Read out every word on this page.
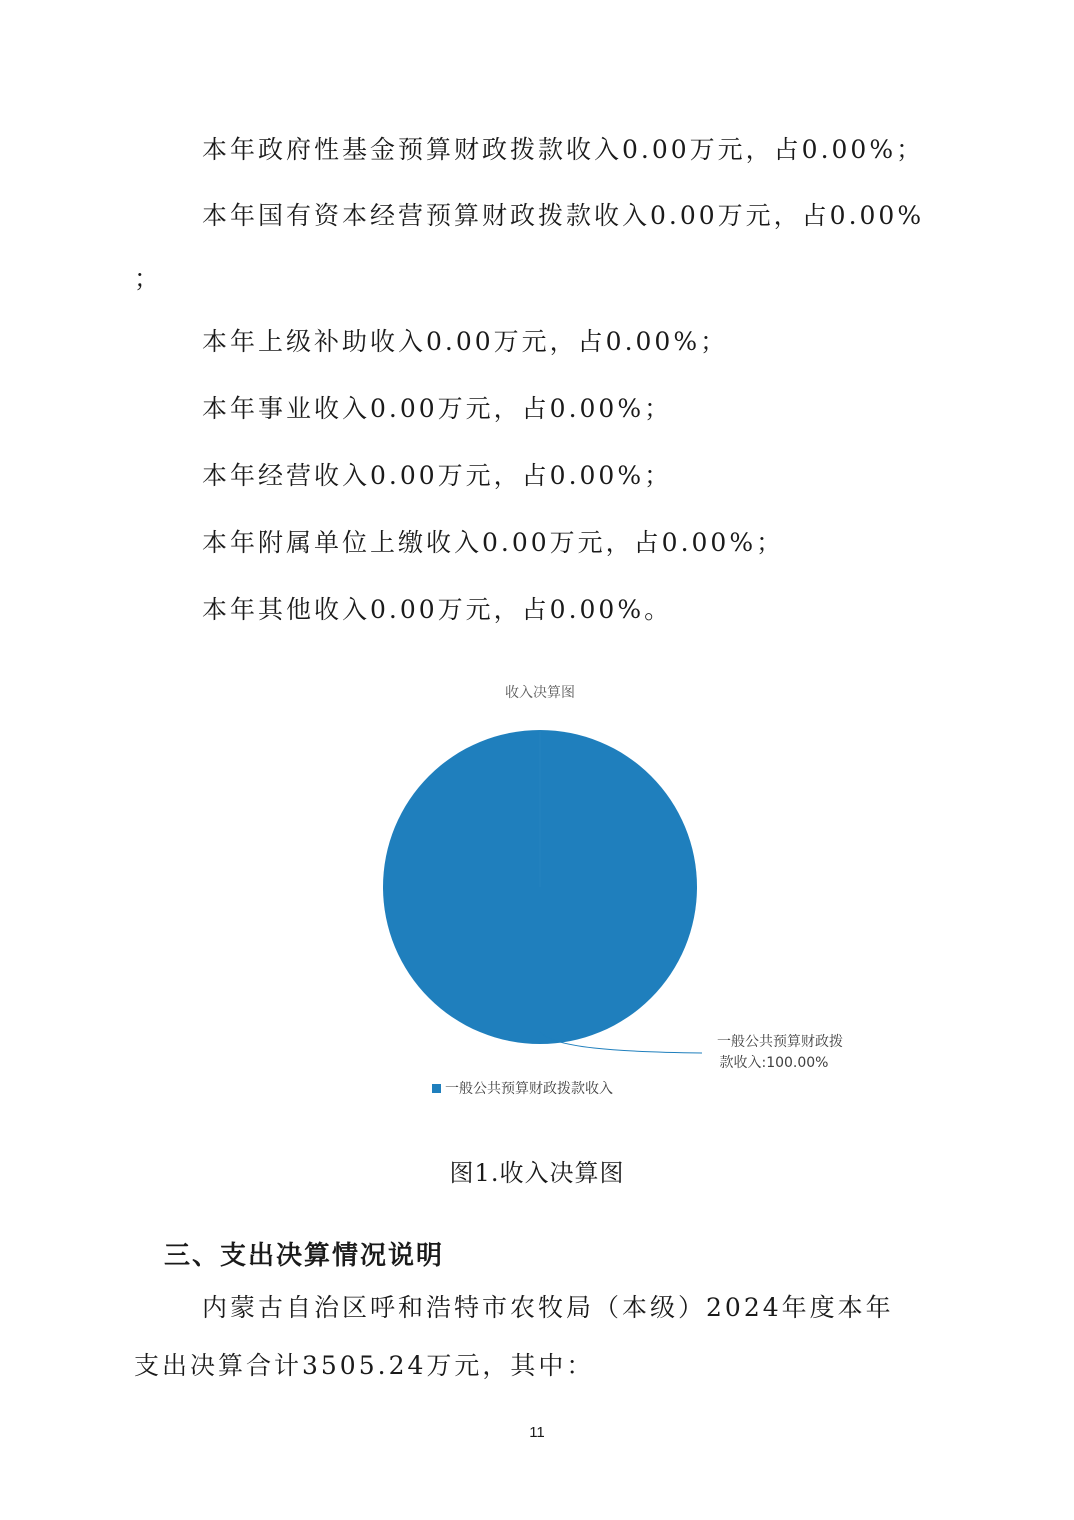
本年政府性基金预算财政拨款收入0.00万元，占0.00%；
本年国有资本经营预算财政拨款收入0.00万元，占0.00%
；
本年上级补助收入0.00万元，占0.00%；
本年事业收入0.00万元，占0.00%；
本年经营收入0.00万元，占0.00%；
本年附属单位上缴收入0.00万元，占0.00%；
本年其他收入0.00万元，占0.00%。
收入决算图
一般公共预算财政拨
款收入:100.00%
一般公共预算财政拨款收入
图1.收入决算图
三、支出决算情况说明
内蒙古自治区呼和浩特市农牧局（本级）2024年度本年
支出决算合计3505.24万元，其中：
11
